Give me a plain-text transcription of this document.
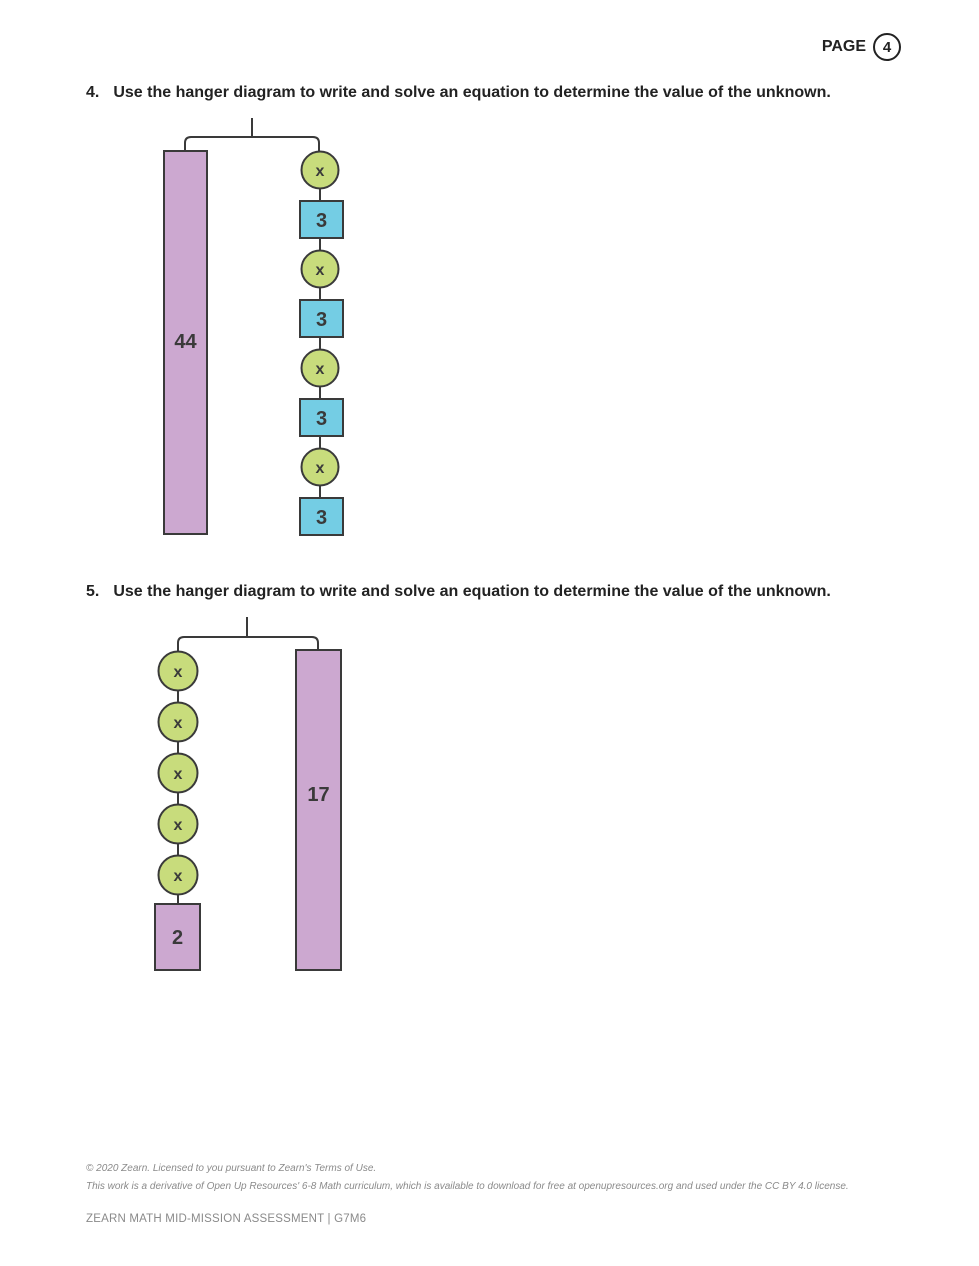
PAGE	4
4. Use the hanger diagram to write and solve an equation to determine the value of the unknown.
44
x
3
x
3
x
3
x
3
5. Use the hanger diagram to write and solve an equation to determine the value of the unknown.
x
x
x
x
x
2
17
© 2020 Zearn. Licensed to you pursuant to Zearn's Terms of Use.
This work is a derivative of Open Up Resources' 6-8 Math curriculum, which is available to download for free at openupresources.org and used under the CC BY 4.0 license.
ZEARN MATH MID-MISSION ASSESSMENT | G7M6
